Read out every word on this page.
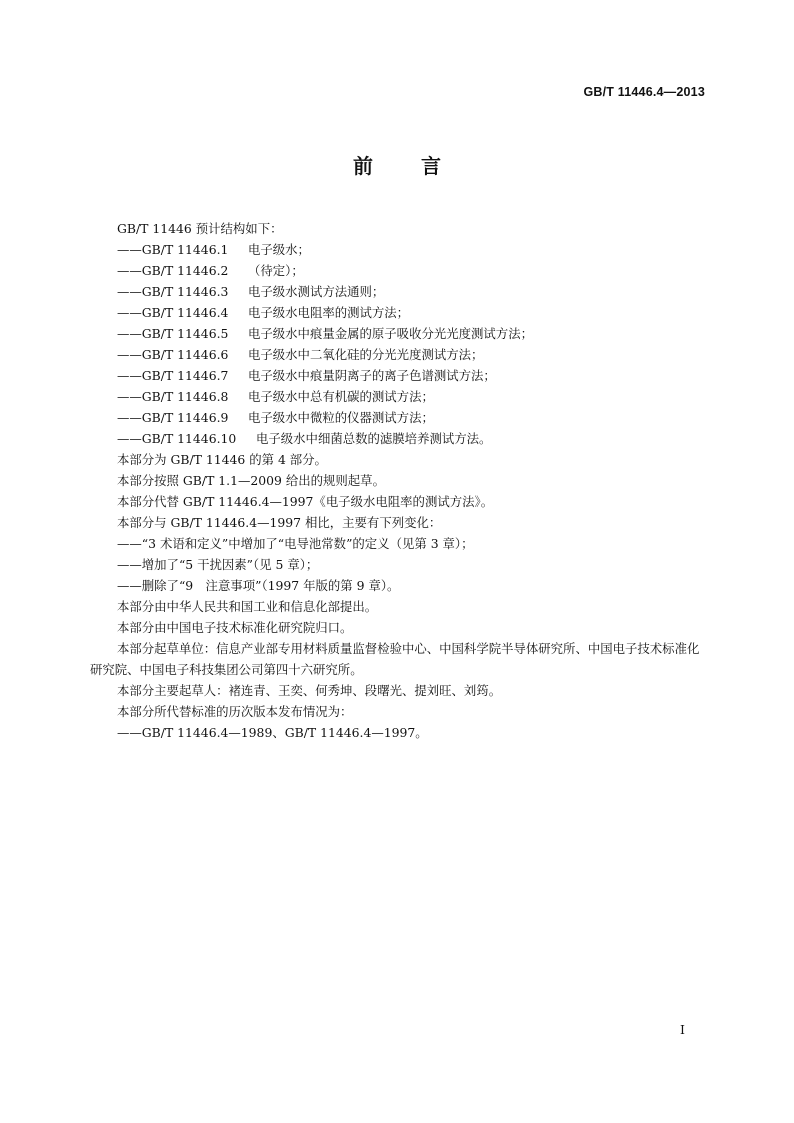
GB/T 11446.4—2013
前言

GB/T 11446 预计结构如下：

——GB/T 11446.1 电子级水；

——GB/T 11446.2 （待定）；

——GB/T 11446.3 电子级水测试方法通则；

——GB/T 11446.4 电子级水电阻率的测试方法；

——GB/T 11446.5 电子级水中痕量金属的原子吸收分光光度测试方法；

——GB/T 11446.6 电子级水中二氧化硅的分光光度测试方法；

——GB/T 11446.7 电子级水中痕量阴离子的离子色谱测试方法；

——GB/T 11446.8 电子级水中总有机碳的测试方法；

——GB/T 11446.9 电子级水中微粒的仪器测试方法；

——GB/T 11446.10 电子级水中细菌总数的滤膜培养测试方法。

本部分为 GB/T 11446 的第 4 部分。

本部分按照 GB/T 1.1—2009 给出的规则起草。

本部分代替 GB/T 11446.4—1997《电子级水电阻率的测试方法》。

本部分与 GB/T 11446.4—1997 相比，主要有下列变化：

——“3 术语和定义”中增加了“电导池常数”的定义（见第 3 章）；

——增加了“5 干扰因素”（见 5 章）；

——删除了“9　注意事项”（1997 年版的第 9 章）。

本部分由中华人民共和国工业和信息化部提出。

本部分由中国电子技术标准化研究院归口。

本部分起草单位：信息产业部专用材料质量监督检验中心、中国科学院半导体研究所、中国电子技术标准化研究院、中国电子科技集团公司第四十六研究所。

本部分主要起草人：褚连青、王奕、何秀坤、段曙光、提刘旺、刘筠。

本部分所代替标准的历次版本发布情况为：

——GB/T 11446.4—1989、GB/T 11446.4—1997。

I
